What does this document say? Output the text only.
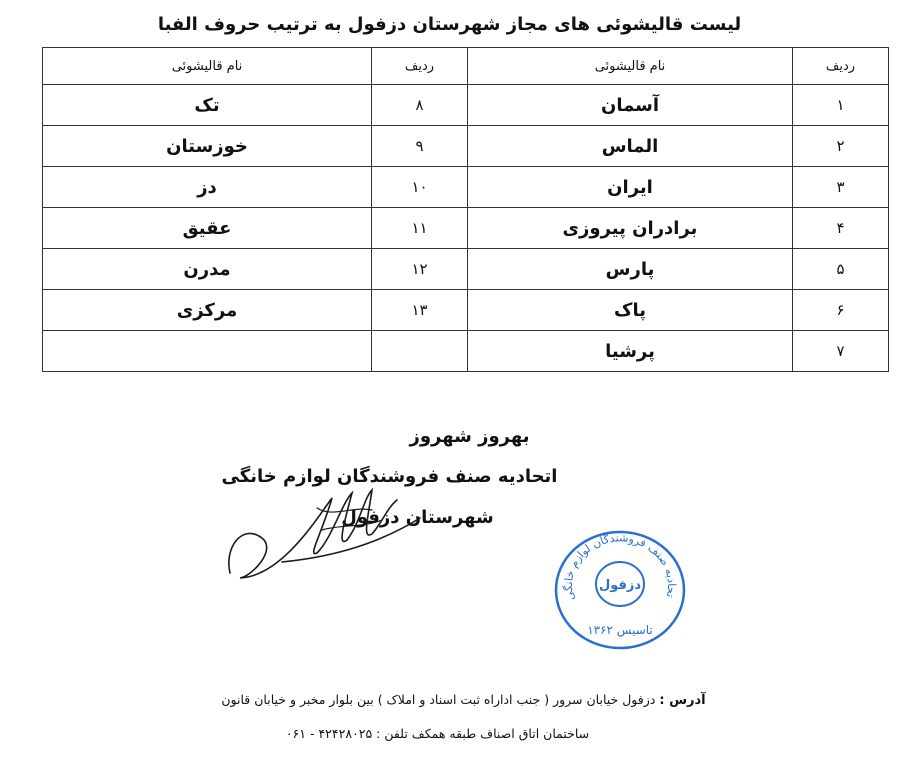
لیست قالیشوئی های مجاز شهرستان دزفول به ترتیب حروف الفبا
ردیف	نام قالیشوئی	ردیف	نام قالیشوئی
۱	آسمان	۸	تک
۲	الماس	۹	خوزستان
۳	ایران	۱۰	دز
۴	برادران پیروزی	۱۱	عقیق
۵	پارس	۱۲	مدرن
۶	پاک	۱۳	مرکزی
۷	پرشیا		
بهروز شهروز
اتحادیه صنف فروشندگان لوازم خانگی
شهرستان دزفول
تحادیه صنف فروشندگان لوازم خانگی
دزفول
تاسیس ۱۳۶۲
آدرس : دزفول خیابان سرور ( جنب اداراه ثبت اسناد و املاک ) بین بلوار مخبر و خیابان قانون
ساختمان اتاق اصناف طبقه همکف تلفن : ۴۲۴۲۸۰۲۵ - ۰۶۱
